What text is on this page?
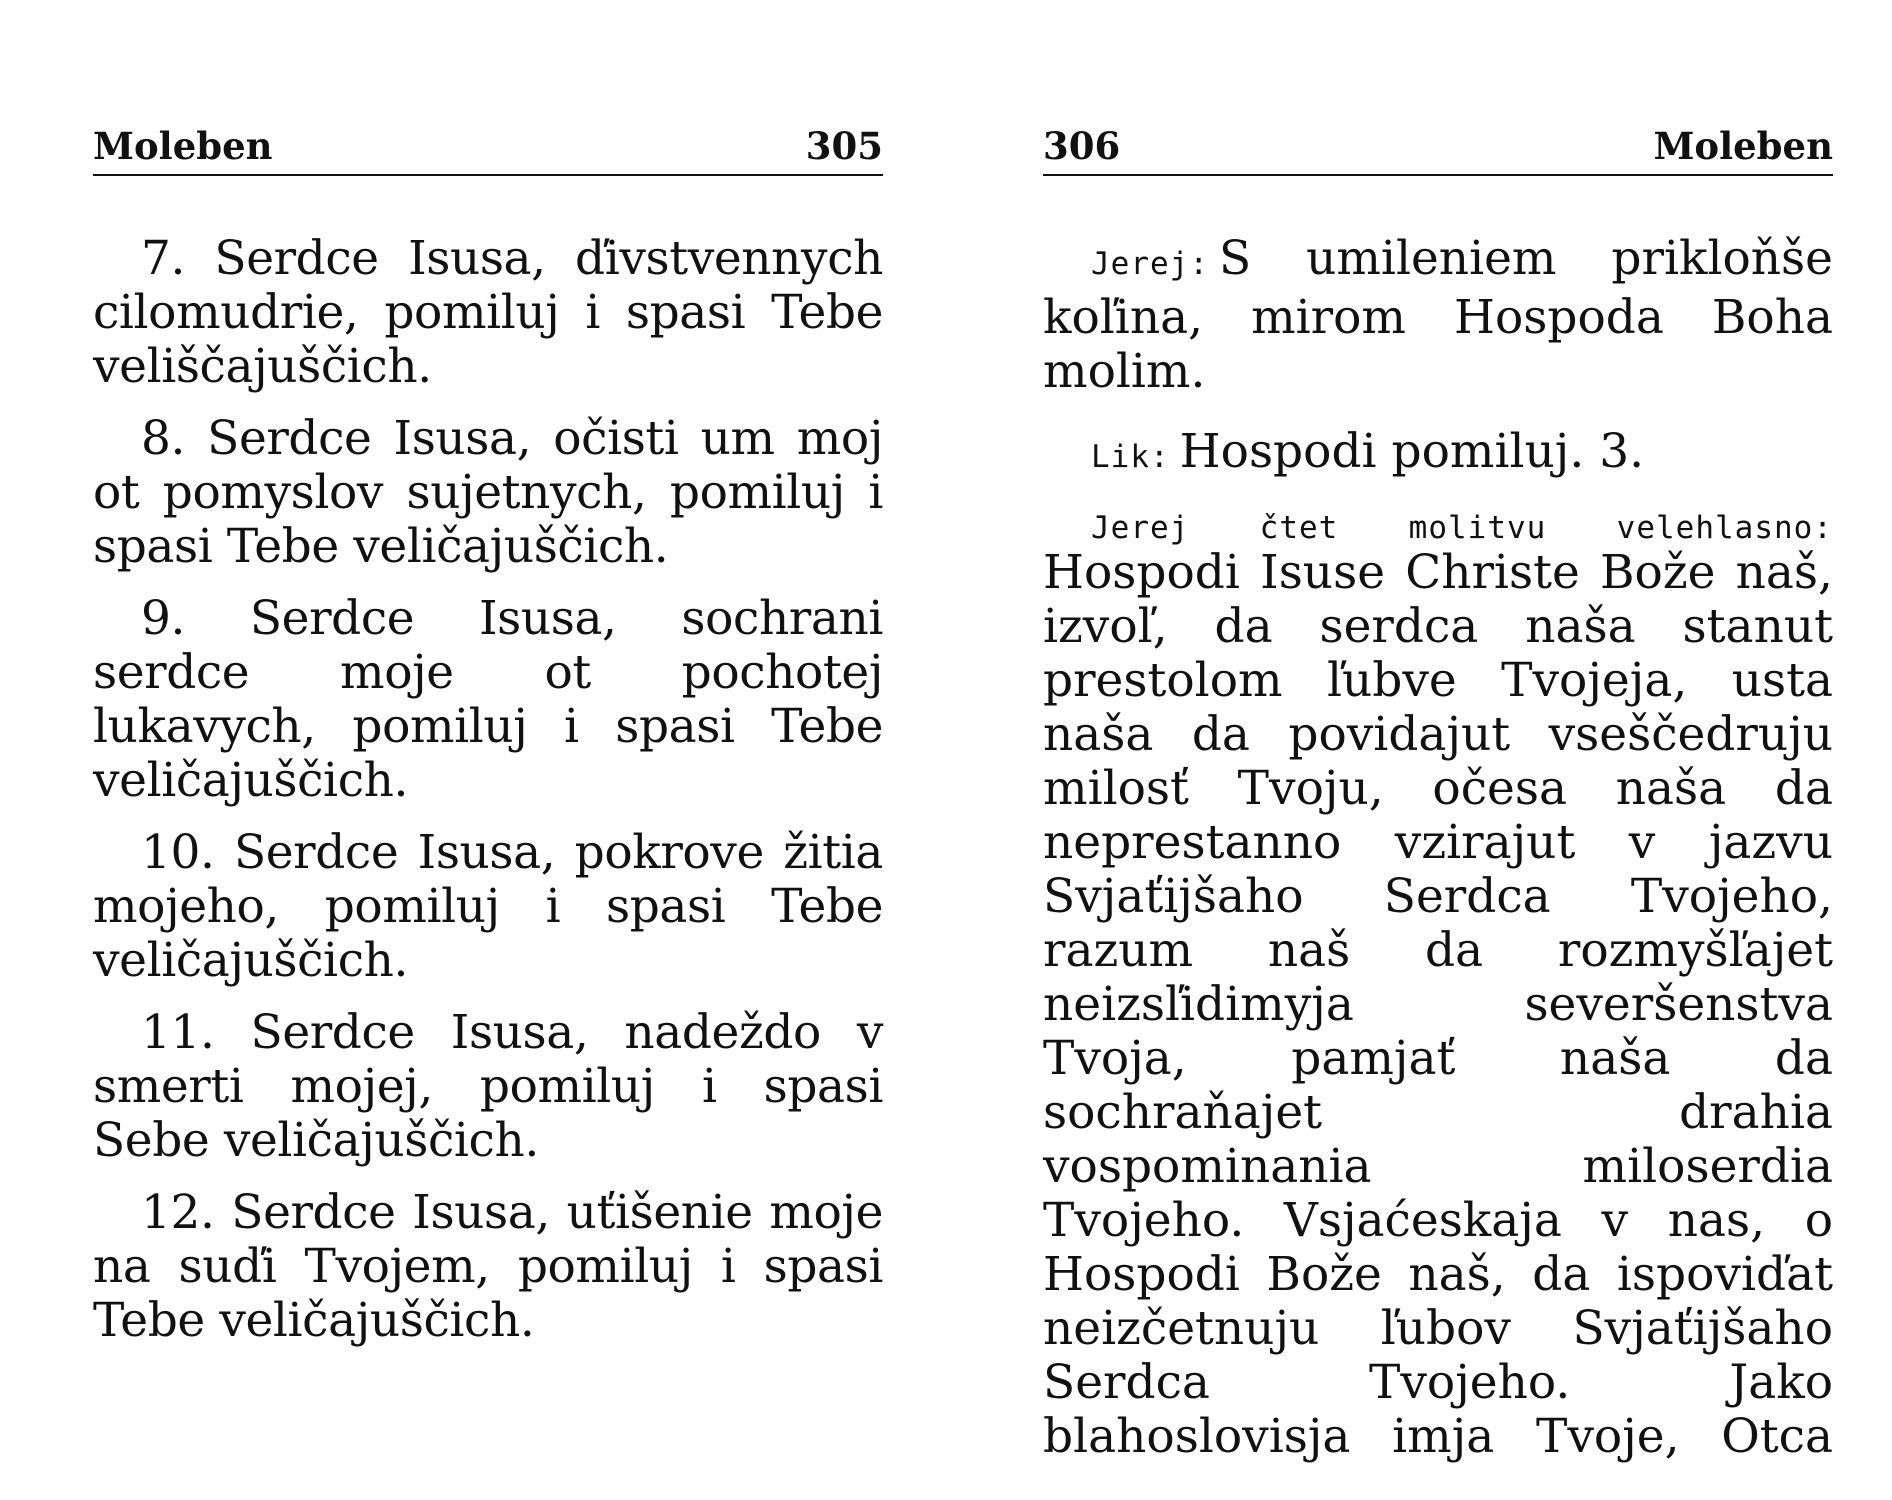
Moleben	305

7. Serdce Isusa, ďivstvennych cilomudrie, pomiluj i spasi Tebe veliščajuščich.

8. Serdce Isusa, očisti um moj ot pomyslov sujetnych, pomiluj i spasi Tebe veličajuščich.

9. Serdce Isusa, sochrani serdce moje ot pochotej lukavych, pomiluj i spasi Tebe veličajuščich.

10. Serdce Isusa, pokrove žitia mojeho, pomiluj i spasi Tebe veličajuščich.

11. Serdce Isusa, nadeždo v smerti mojej, pomiluj i spasi Sebe veličajuščich.

12. Serdce Isusa, uťišenie moje na suďi Tvojem, pomiluj i spasi Tebe veličajuščich.

306	Moleben

Jerej: S umileniem prikloňše koľina, mirom Hospoda Boha molim.

Lik: Hospodi pomiluj. 3.

Jerej čtet molitvu velehlasno:

Hospodi Isuse Christe Bože naš, izvoľ, da serdca naša stanut prestolom ľubve Tvojeja, usta naša da povidajut vseščedruju milosť Tvoju, očesa naša da neprestanno vzirajut v jazvu Svjaťijšaho Serdca Tvojeho, razum naš da rozmyšľajet neizsľidimyja severšenstva Tvoja, pamjať naša da sochraňajet drahia vospominania miloserdia Tvojeho. Vsjaćeskaja v nas, o Hospodi Bože naš, da ispoviďat neizčetnuju ľubov Svjaťijšaho Serdca Tvojeho. Jako blahoslovisja imja Tvoje, Otca
